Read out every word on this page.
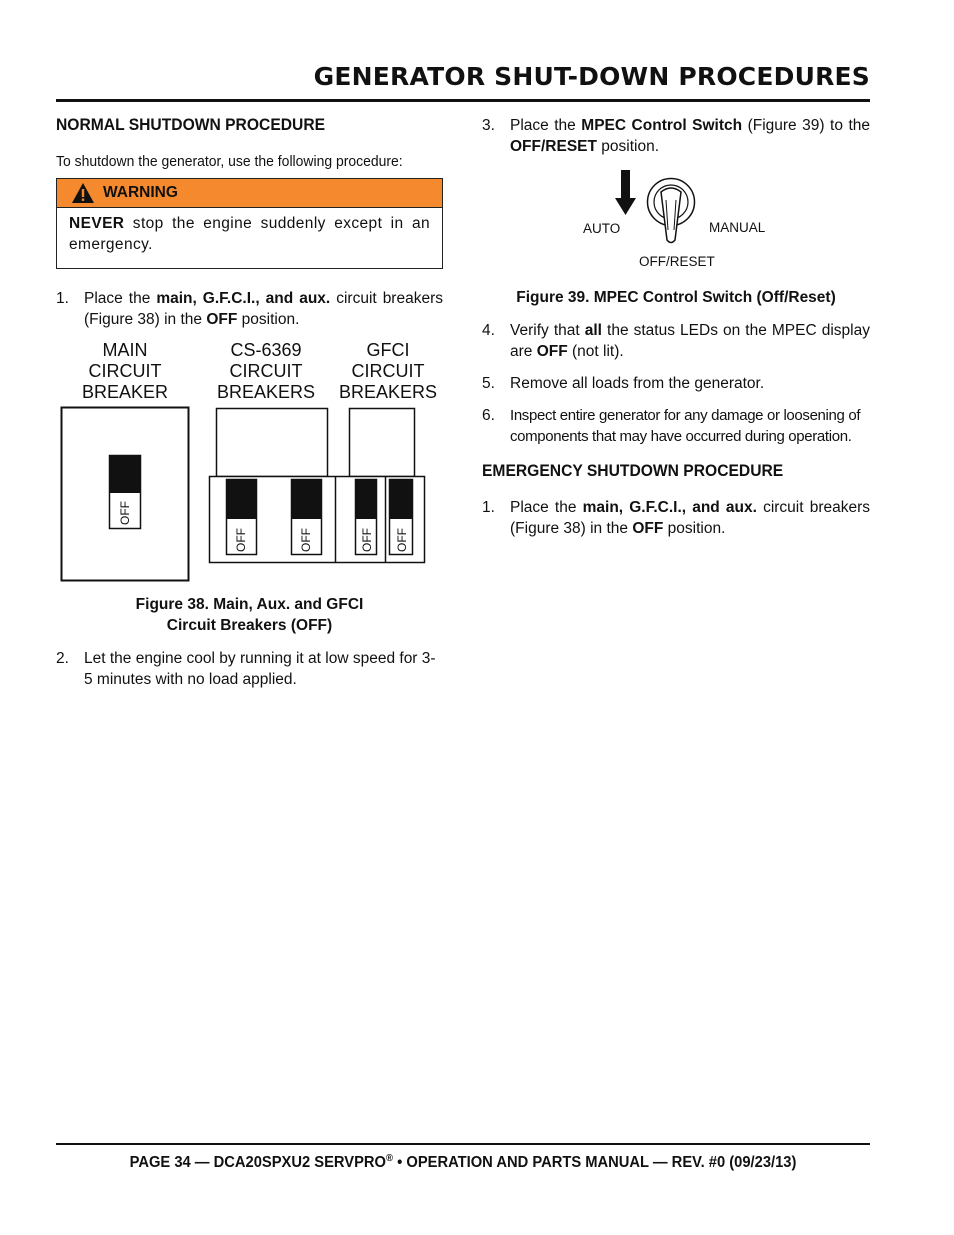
GENERATOR SHUT-DOWN PROCEDURES
NORMAL SHUTDOWN PROCEDURE

To shutdown the generator, use the following procedure:

WARNING
NEVER stop the engine suddenly except in an emergency.
1. Place the main, G.F.C.I., and aux. circuit breakers (Figure 38) in the OFF position.
MAIN
CIRCUIT
BREAKER
CS-6369
CIRCUIT
BREAKERS
GFCI
CIRCUIT
BREAKERS
OFF
OFF	OFF	OFF OFF
Figure 38. Main, Aux. and GFCI
Circuit Breakers (OFF)
2. Let the engine cool by running it at low speed for 3-5 minutes with no load applied.
3. Place the MPEC Control Switch (Figure 39) to the OFF/RESET position.
AUTO	MANUAL
OFF/RESET
Figure 39. MPEC Control Switch (Off/Reset)
4. Verify that all the status LEDs on the MPEC display are OFF (not lit).
5. Remove all loads from the generator.
6. Inspect entire generator for any damage or loosening of components that may have occurred during operation.
EMERGENCY SHUTDOWN PROCEDURE
1. Place the main, G.F.C.I., and aux. circuit breakers (Figure 38) in the OFF position.
PAGE 34 — DCA20SPXU2 SERVPRO® • OPERATION AND PARTS MANUAL — REV. #0 (09/23/13)
